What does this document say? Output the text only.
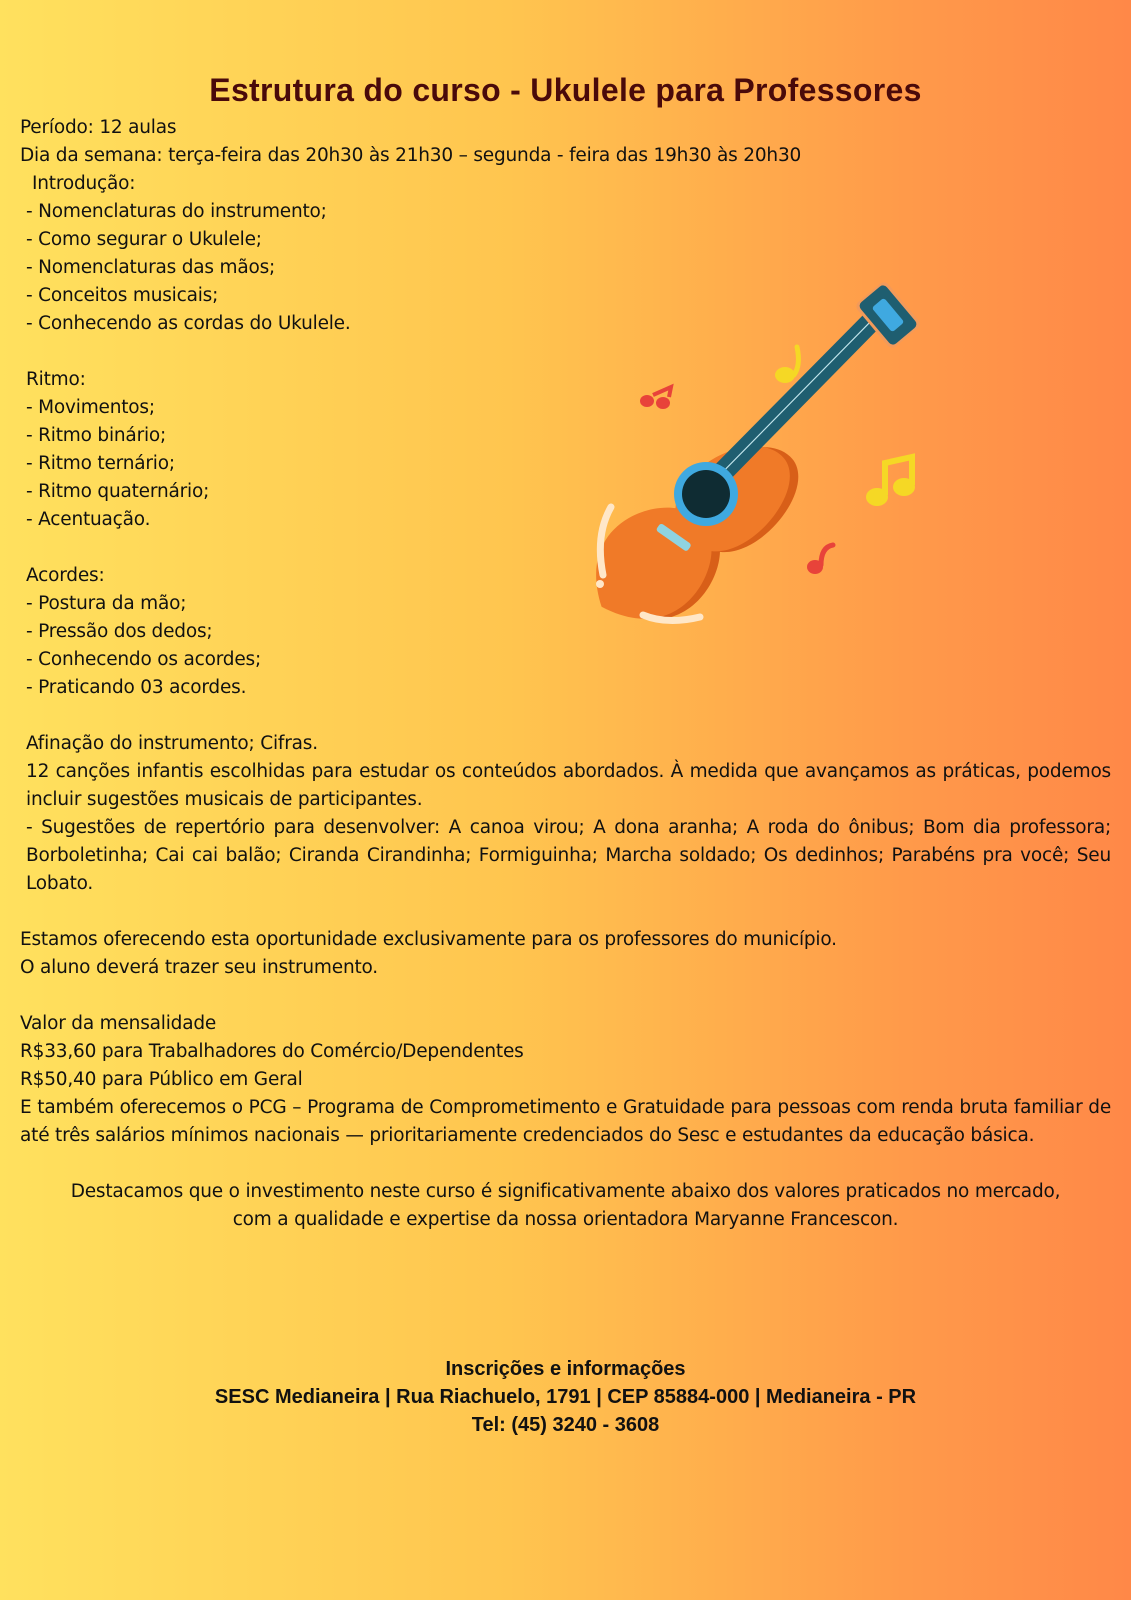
Estrutura do curso - Ukulele para Professores

Período: 12 aulas

Dia da semana: terça-feira das 20h30 às 21h30 – segunda - feira das 19h30 às 20h30

Introdução:

- Nomenclaturas do instrumento;

- Como segurar o Ukulele;

- Nomenclaturas das mãos;

- Conceitos musicais;

- Conhecendo as cordas do Ukulele.

Ritmo:

- Movimentos;

- Ritmo binário;

- Ritmo ternário;

- Ritmo quaternário;

- Acentuação.

Acordes:

- Postura da mão;

- Pressão dos dedos;

- Conhecendo os acordes;

- Praticando 03 acordes.

Afinação do instrumento; Cifras.

12 canções infantis escolhidas para estudar os conteúdos abordados. À medida que avançamos as práticas, podemos incluir sugestões musicais de participantes.

- Sugestões de repertório para desenvolver: A canoa virou; A dona aranha; A roda do ônibus; Bom dia professora; Borboletinha; Cai cai balão; Ciranda Cirandinha; Formiguinha; Marcha soldado; Os dedinhos; Parabéns pra você; Seu Lobato.

Estamos oferecendo esta oportunidade exclusivamente para os professores do município.

O aluno deverá trazer seu instrumento.

Valor da mensalidade

R$33,60 para Trabalhadores do Comércio/Dependentes

R$50,40 para Público em Geral

E também oferecemos o PCG – Programa de Comprometimento e Gratuidade para pessoas com renda bruta familiar de até três salários mínimos nacionais — prioritariamente credenciados do Sesc e estudantes da educação básica.

Destacamos que o investimento neste curso é significativamente abaixo dos valores praticados no mercado,

com a qualidade e expertise da nossa orientadora Maryanne Francescon.

Inscrições e informações

SESC Medianeira | Rua Riachuelo, 1791 | CEP 85884-000 | Medianeira - PR

Tel: (45) 3240 - 3608
